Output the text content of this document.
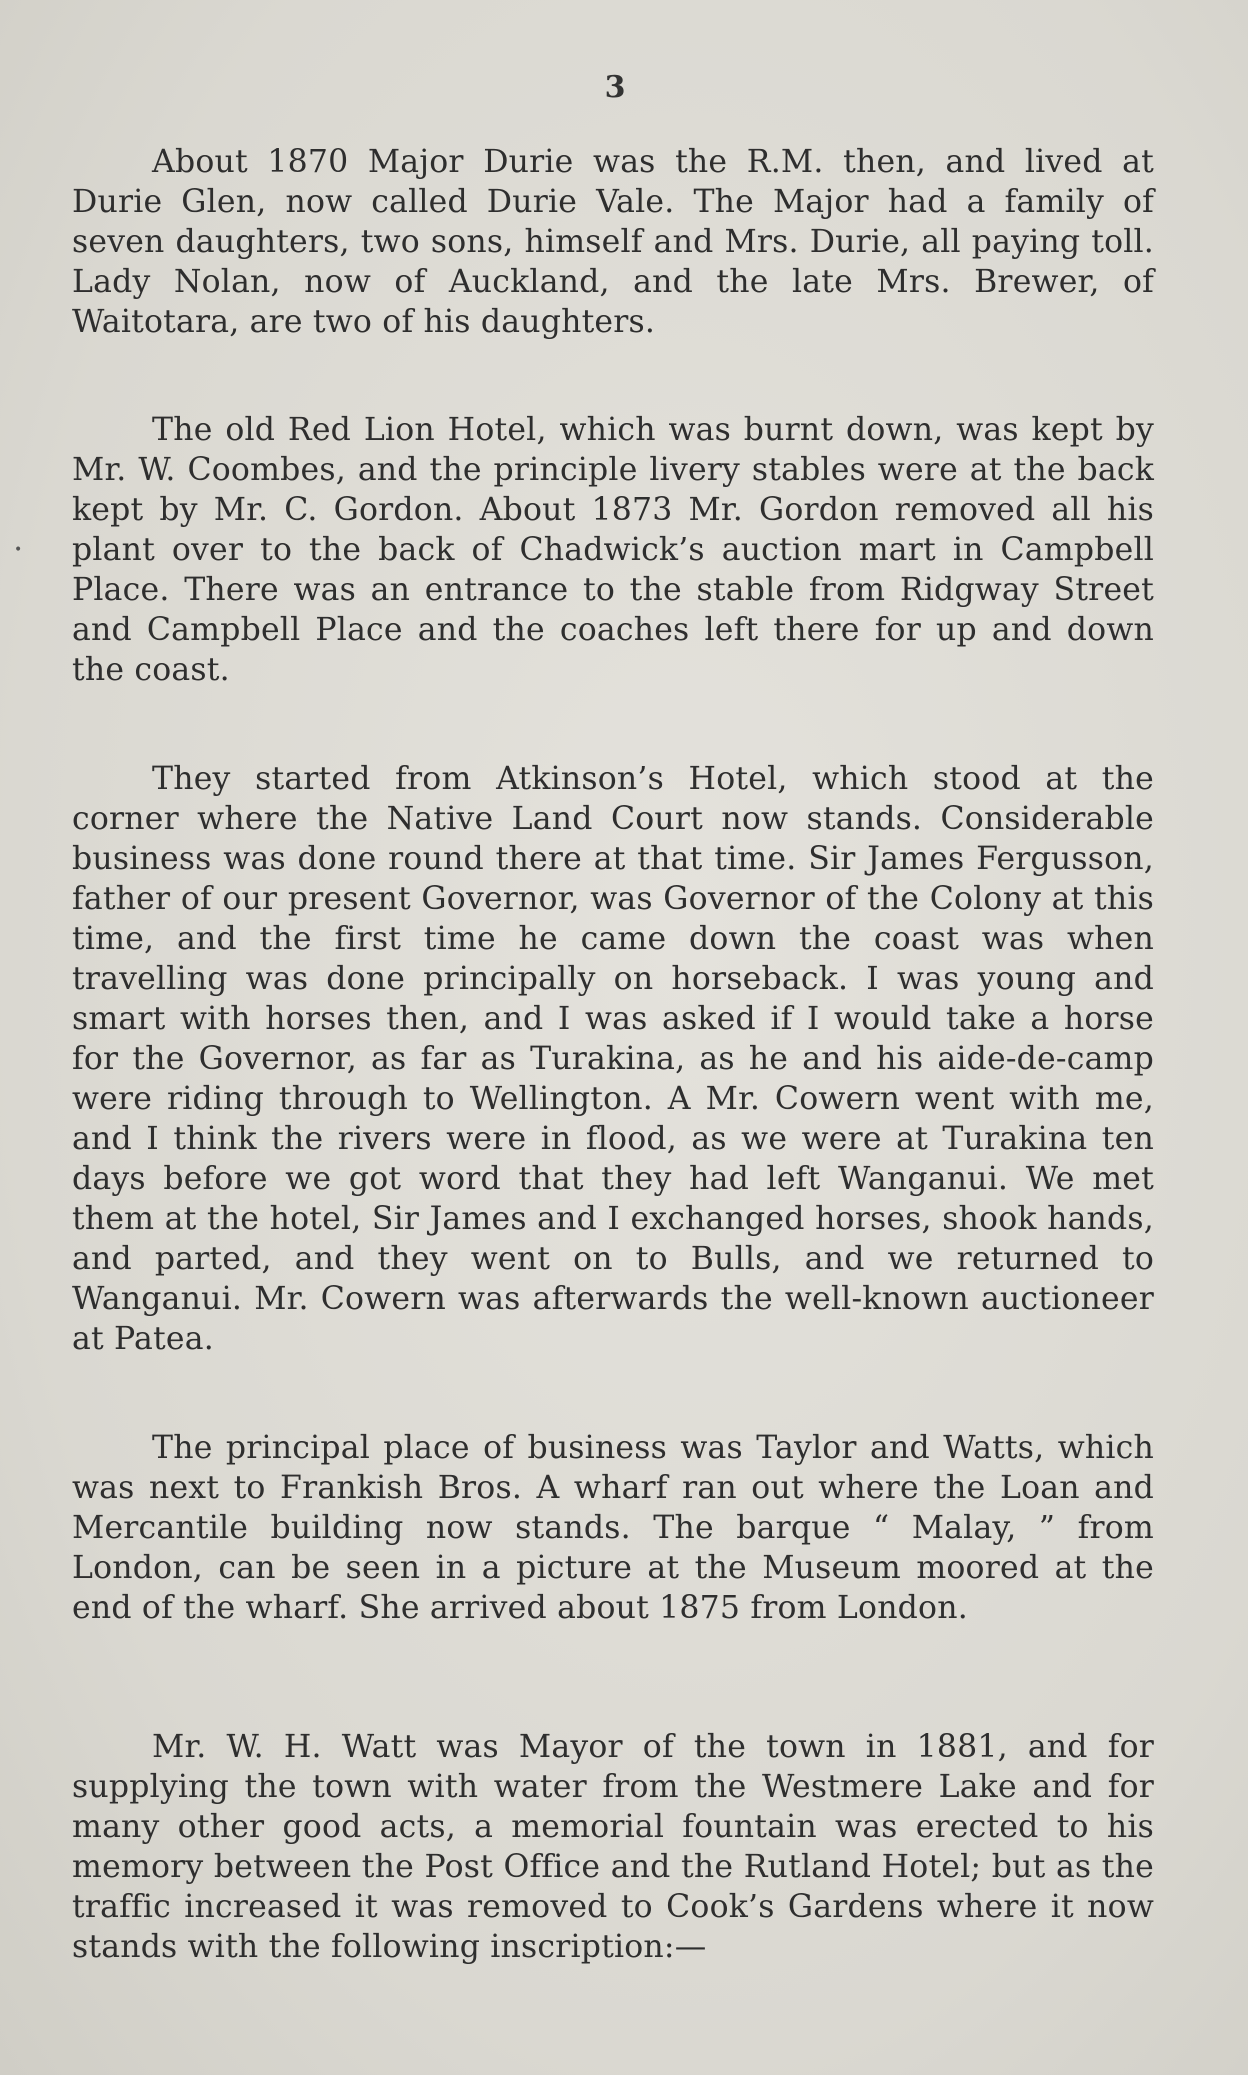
3
•

About 1870 Major Durie was the R.M. then, and lived at Durie Glen, now called Durie Vale. The Major had a family of seven daughters, two sons, himself and Mrs. Durie, all paying toll. Lady Nolan, now of Auckland, and the late Mrs. Brewer, of Waitotara, are two of his daughters.

The old Red Lion Hotel, which was burnt down, was kept by Mr. W. Coombes, and the principle livery stables were at the back kept by Mr. C. Gordon. About 1873 Mr. Gordon removed all his plant over to the back of Chadwick’s auction mart in Campbell Place. There was an entrance to the stable from Ridgway Street and Campbell Place and the coaches left there for up and down the coast.

They started from Atkinson’s Hotel, which stood at the corner where the Native Land Court now stands. Considerable business was done round there at that time. Sir James Fergusson, father of our present Governor, was Governor of the Colony at this time, and the first time he came down the coast was when travelling was done principally on horseback. I was young and smart with horses then, and I was asked if I would take a horse for the Governor, as far as Turakina, as he and his aide-de-camp were riding through to Wellington. A Mr. Cowern went with me, and I think the rivers were in flood, as we were at Turakina ten days before we got word that they had left Wanganui. We met them at the hotel, Sir James and I exchanged horses, shook hands, and parted, and they went on to Bulls, and we returned to Wanganui. Mr. Cowern was afterwards the well-known auctioneer at Patea.

The principal place of business was Taylor and Watts, which was next to Frankish Bros. A wharf ran out where the Loan and Mercantile building now stands. The barque “ Malay, ” from London, can be seen in a picture at the Museum moored at the end of the wharf. She arrived about 1875 from London.

Mr. W. H. Watt was Mayor of the town in 1881, and for supplying the town with water from the Westmere Lake and for many other good acts, a memorial fountain was erected to his memory between the Post Office and the Rutland Hotel; but as the traffic increased it was removed to Cook’s Gardens where it now stands with the following inscription:—
